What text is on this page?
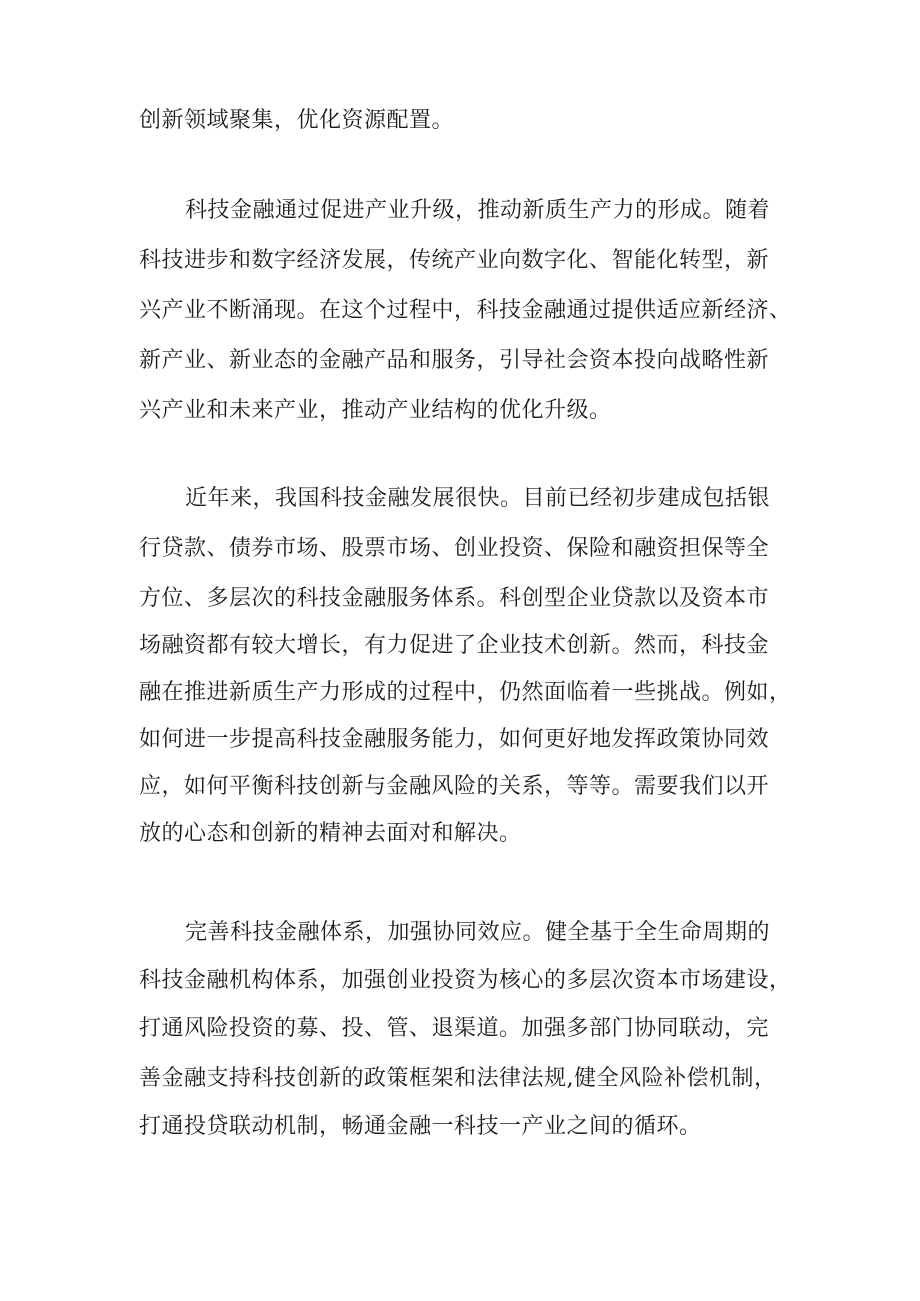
创新领域聚集，优化资源配置。
科技金融通过促进产业升级，推动新质生产力的形成。随着
科技进步和数字经济发展，传统产业向数字化、智能化转型，新
兴产业不断涌现。在这个过程中，科技金融通过提供适应新经济、
新产业、新业态的金融产品和服务，引导社会资本投向战略性新
兴产业和未来产业，推动产业结构的优化升级。
近年来，我国科技金融发展很快。目前已经初步建成包括银
行贷款、债券市场、股票市场、创业投资、保险和融资担保等全
方位、多层次的科技金融服务体系。科创型企业贷款以及资本市
场融资都有较大增长，有力促进了企业技术创新。然而，科技金
融在推进新质生产力形成的过程中，仍然面临着一些挑战。例如，
如何进一步提高科技金融服务能力，如何更好地发挥政策协同效
应，如何平衡科技创新与金融风险的关系，等等。需要我们以开
放的心态和创新的精神去面对和解决。
完善科技金融体系，加强协同效应。健全基于全生命周期的
科技金融机构体系，加强创业投资为核心的多层次资本市场建设，
打通风险投资的募、投、管、退渠道。加强多部门协同联动，完
善金融支持科技创新的政策框架和法律法规,健全风险补偿机制，
打通投贷联动机制，畅通金融一科技一产业之间的循环。
